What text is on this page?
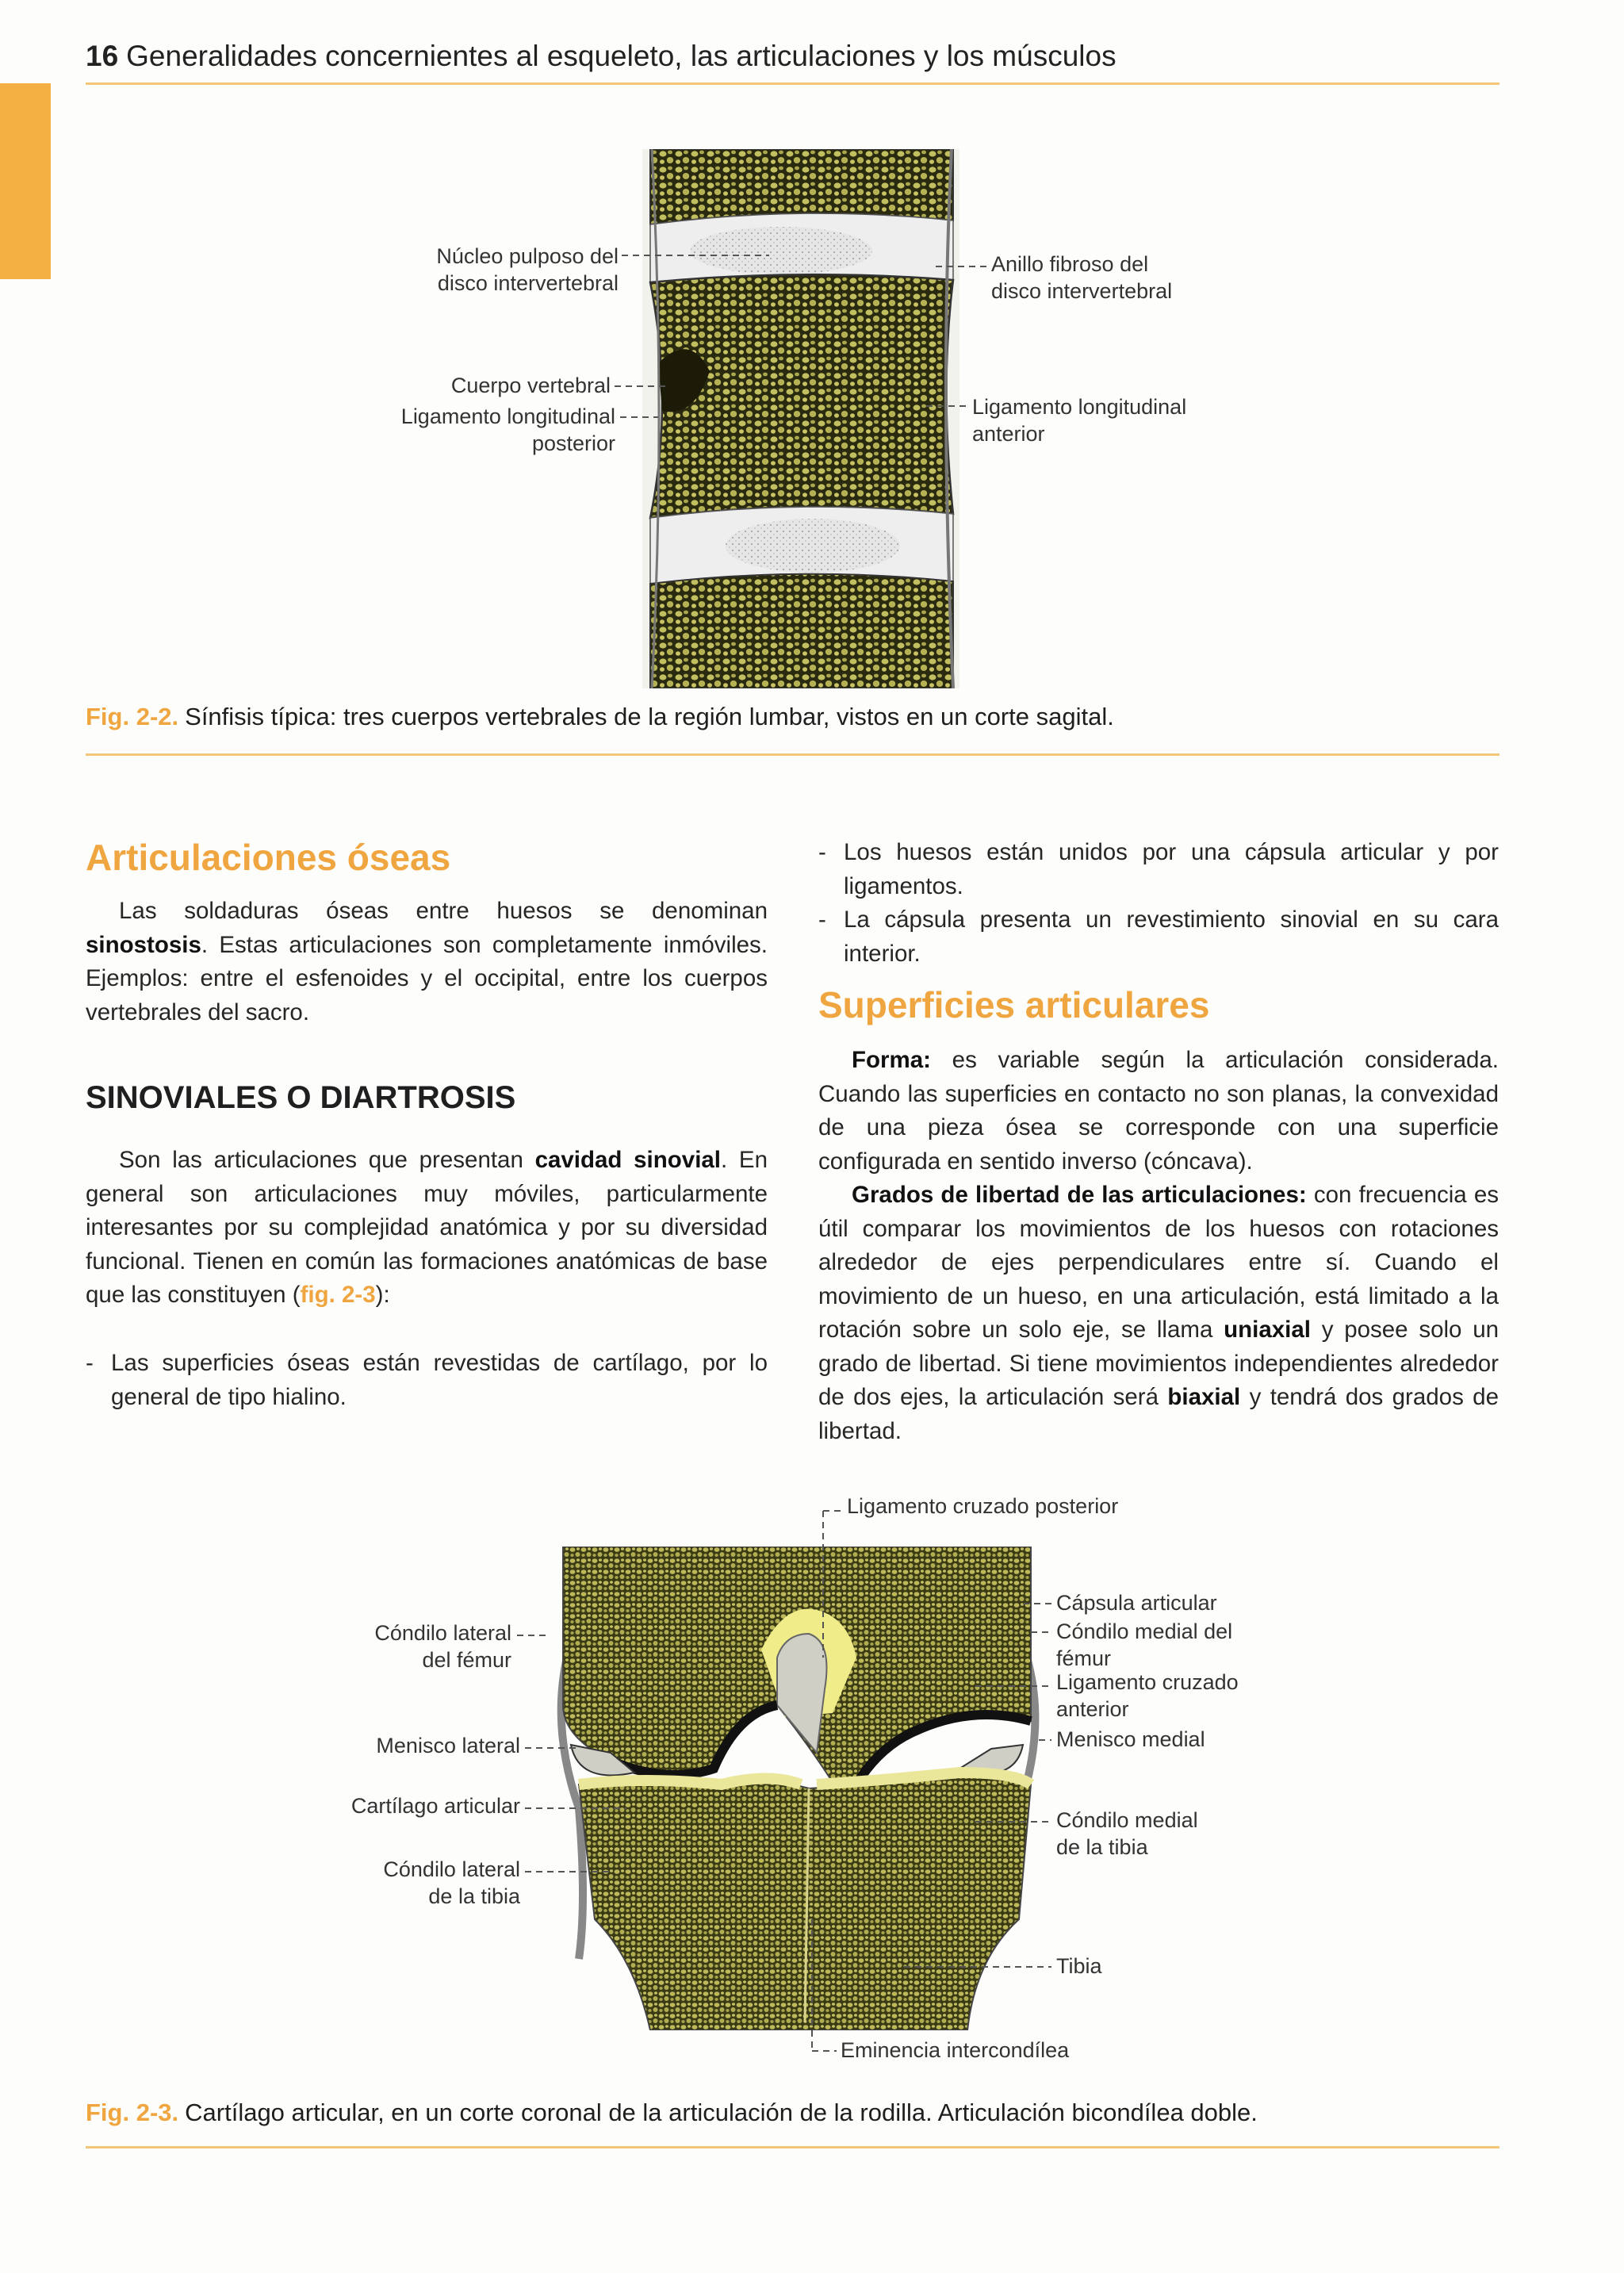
16 Generalidades concernientes al esqueleto, las articulaciones y los músculos
Núcleo pulposo del
disco intervertebral
Anillo fibroso del
disco intervertebral
Cuerpo vertebral
Ligamento longitudinal
posterior
Ligamento longitudinal
anterior
Fig. 2-2. Sínfisis típica: tres cuerpos vertebrales de la región lumbar, vistos en un corte sagital.
Articulaciones óseas
Las soldaduras óseas entre huesos se denominan sinostosis. Estas articulaciones son completamente inmóviles. Ejemplos: entre el esfenoides y el occipital, entre los cuerpos vertebrales del sacro.
SINOVIALES O DIARTROSIS
Son las articulaciones que presentan cavidad sinovial. En general son articulaciones muy móviles, particularmente interesantes por su complejidad anatómica y por su diversidad funcional. Tienen en común las formaciones anatómicas de base que las constituyen (fig. 2-3):
- Las superficies óseas están revestidas de cartílago, por lo general de tipo hialino.
- Los huesos están unidos por una cápsula articular y por ligamentos.
- La cápsula presenta un revestimiento sinovial en su cara interior.
Superficies articulares
Forma: es variable según la articulación considerada. Cuando las superficies en contacto no son planas, la convexidad de una pieza ósea se corresponde con una superficie configurada en sentido inverso (cóncava).
Grados de libertad de las articulaciones: con frecuencia es útil comparar los movimientos de los huesos con rotaciones alrededor de ejes perpendiculares entre sí. Cuando el movimiento de un hueso, en una articulación, está limitado a la rotación sobre un solo eje, se llama uniaxial y posee solo un grado de libertad. Si tiene movimientos independientes alrededor de dos ejes, la articulación será biaxial y tendrá dos grados de libertad.
Ligamento cruzado posterior
Cápsula articular
Cóndilo medial del
fémur
Ligamento cruzado
anterior
Menisco medial
Cóndilo medial
de la tibia
Tibia
Eminencia intercondílea
Cóndilo lateral
del fémur
Menisco lateral
Cartílago articular
Cóndilo lateral
de la tibia
Fig. 2-3. Cartílago articular, en un corte coronal de la articulación de la rodilla. Articulación bicondílea doble.
